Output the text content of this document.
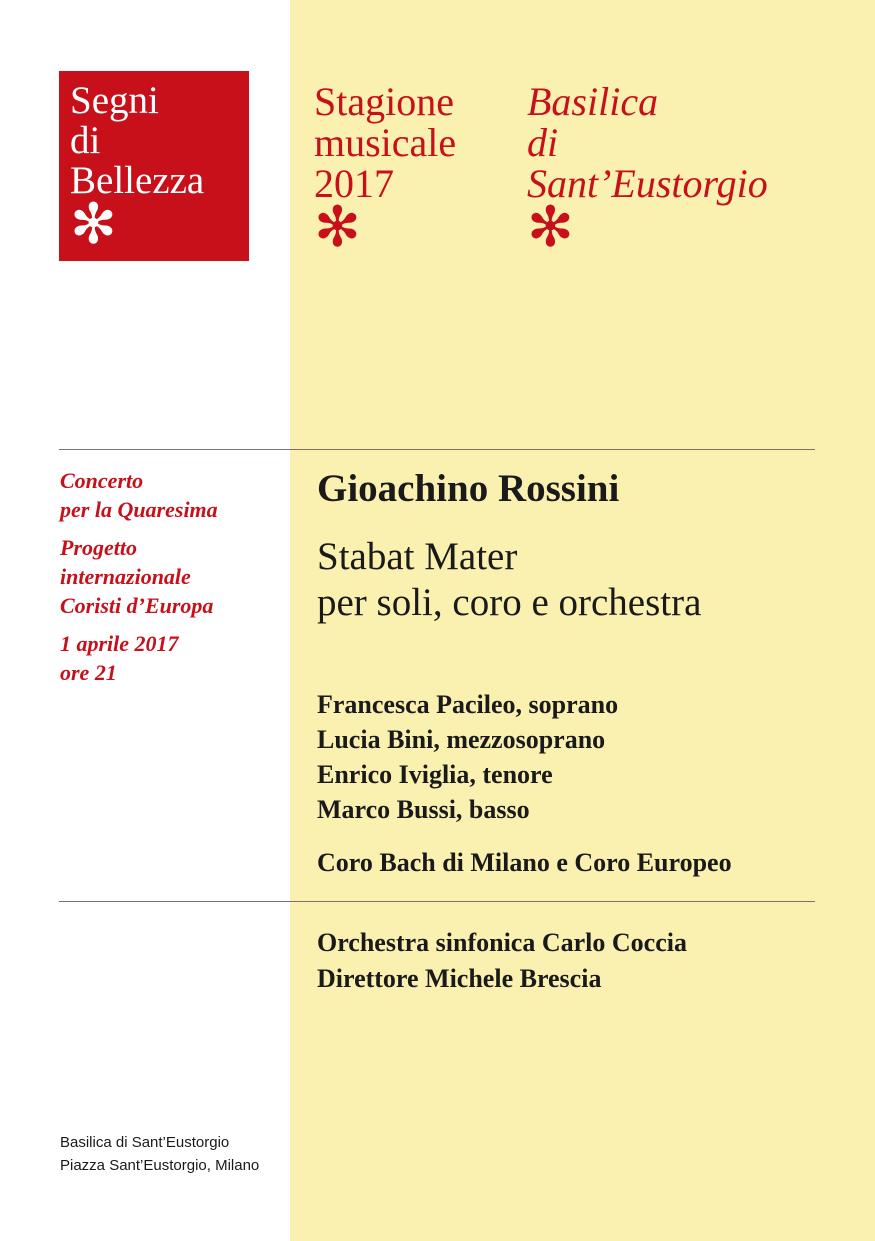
Segni
di
Bellezza
✻
Stagione
musicale
2017
✻
Basilica
di
Sant’Eustorgio
✻
Concerto
per la Quaresima
Progetto
internazionale
Coristi d’Europa
1 aprile 2017
ore 21
Gioachino Rossini
Stabat Mater
per soli, coro e orchestra
Francesca Pacileo, soprano
Lucia Bini, mezzosoprano
Enrico Iviglia, tenore
Marco Bussi, basso
Coro Bach di Milano e Coro Europeo
Orchestra sinfonica Carlo Coccia
Direttore Michele Brescia
Basilica di Sant’Eustorgio
Piazza Sant’Eustorgio, Milano
